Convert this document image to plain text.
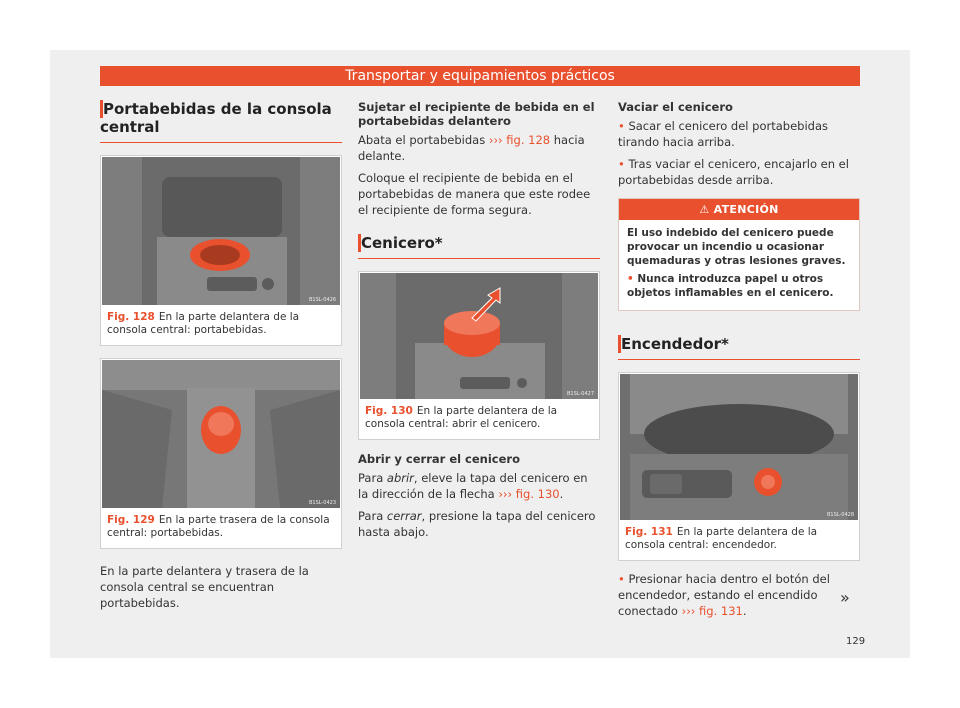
Transportar y equipamientos prácticos
Portabebidas de la consola central
B1SL-0426
Fig. 128 En la parte delantera de la consola central: portabebidas.
B1SL-0423
Fig. 129 En la parte trasera de la consola central: portabebidas.

En la parte delantera y trasera de la consola central se encuentran portabebidas.

Sujetar el recipiente de bebida en el portabebidas delantero

Abata el portabebidas ››› fig. 128 hacia delante.

Coloque el recipiente de bebida en el portabebidas de manera que este rodee el recipiente de forma segura.

Cenicero*
B1SL-0427
Fig. 130 En la parte delantera de la consola central: abrir el cenicero.
Abrir y cerrar el cenicero

Para abrir, eleve la tapa del cenicero en la dirección de la flecha ››› fig. 130.

Para cerrar, presione la tapa del cenicero hasta abajo.

Vaciar el cenicero

• Sacar el cenicero del portabebidas tirando hacia arriba.

• Tras vaciar el cenicero, encajarlo en el portabebidas desde arriba.

⚠ ATENCIÓN

El uso indebido del cenicero puede provocar un incendio u ocasionar quemaduras y otras lesiones graves.

• Nunca introduzca papel u otros objetos inflamables en el cenicero.

Encendedor*
B1SL-0428
Fig. 131 En la parte delantera de la consola central: encendedor.

• Presionar hacia dentro el botón del encendedor, estando el encendido conectado ››› fig. 131.

»
129
